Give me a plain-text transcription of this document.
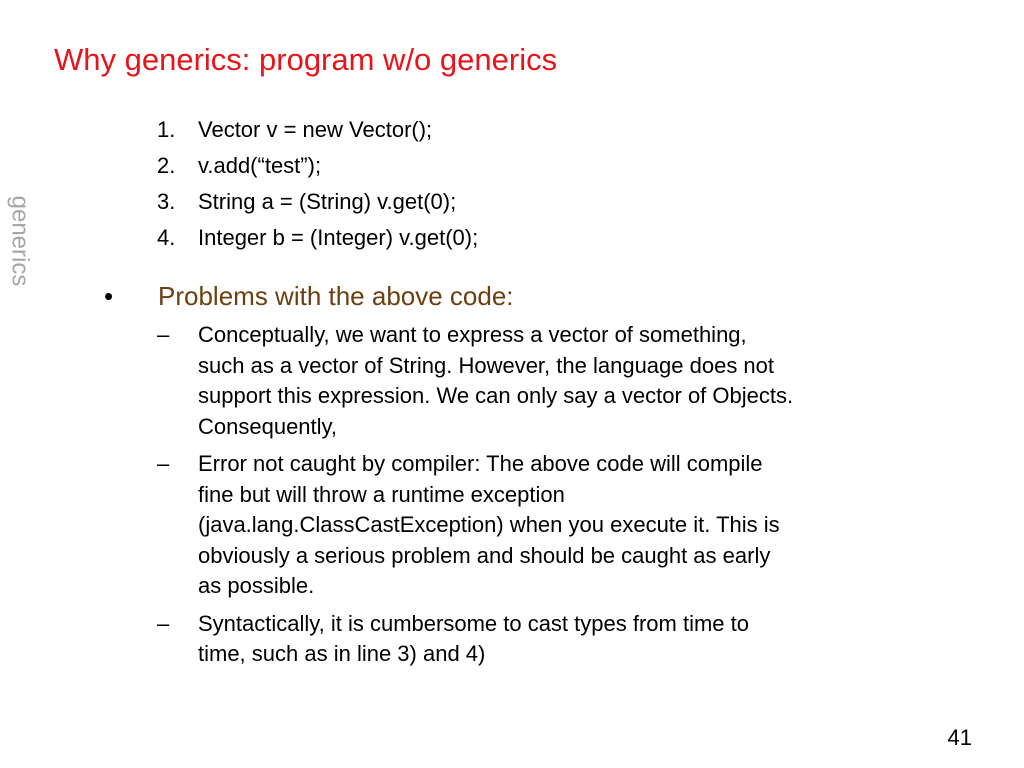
Why generics: program w/o generics
generics
1. Vector v = new Vector();
2. v.add(“test”);
3. String a = (String) v.get(0);
4. Integer b = (Integer) v.get(0);
• Problems with the above code:
– Conceptually, we want to express a vector of something,
such as a vector of String. However, the language does not
support this expression. We can only say a vector of Objects.
Consequently,
– Error not caught by compiler: The above code will compile
fine but will throw a runtime exception
(java.lang.ClassCastException) when you execute it. This is
obviously a serious problem and should be caught as early
as possible.
– Syntactically, it is cumbersome to cast types from time to
time, such as in line 3) and 4)
41
